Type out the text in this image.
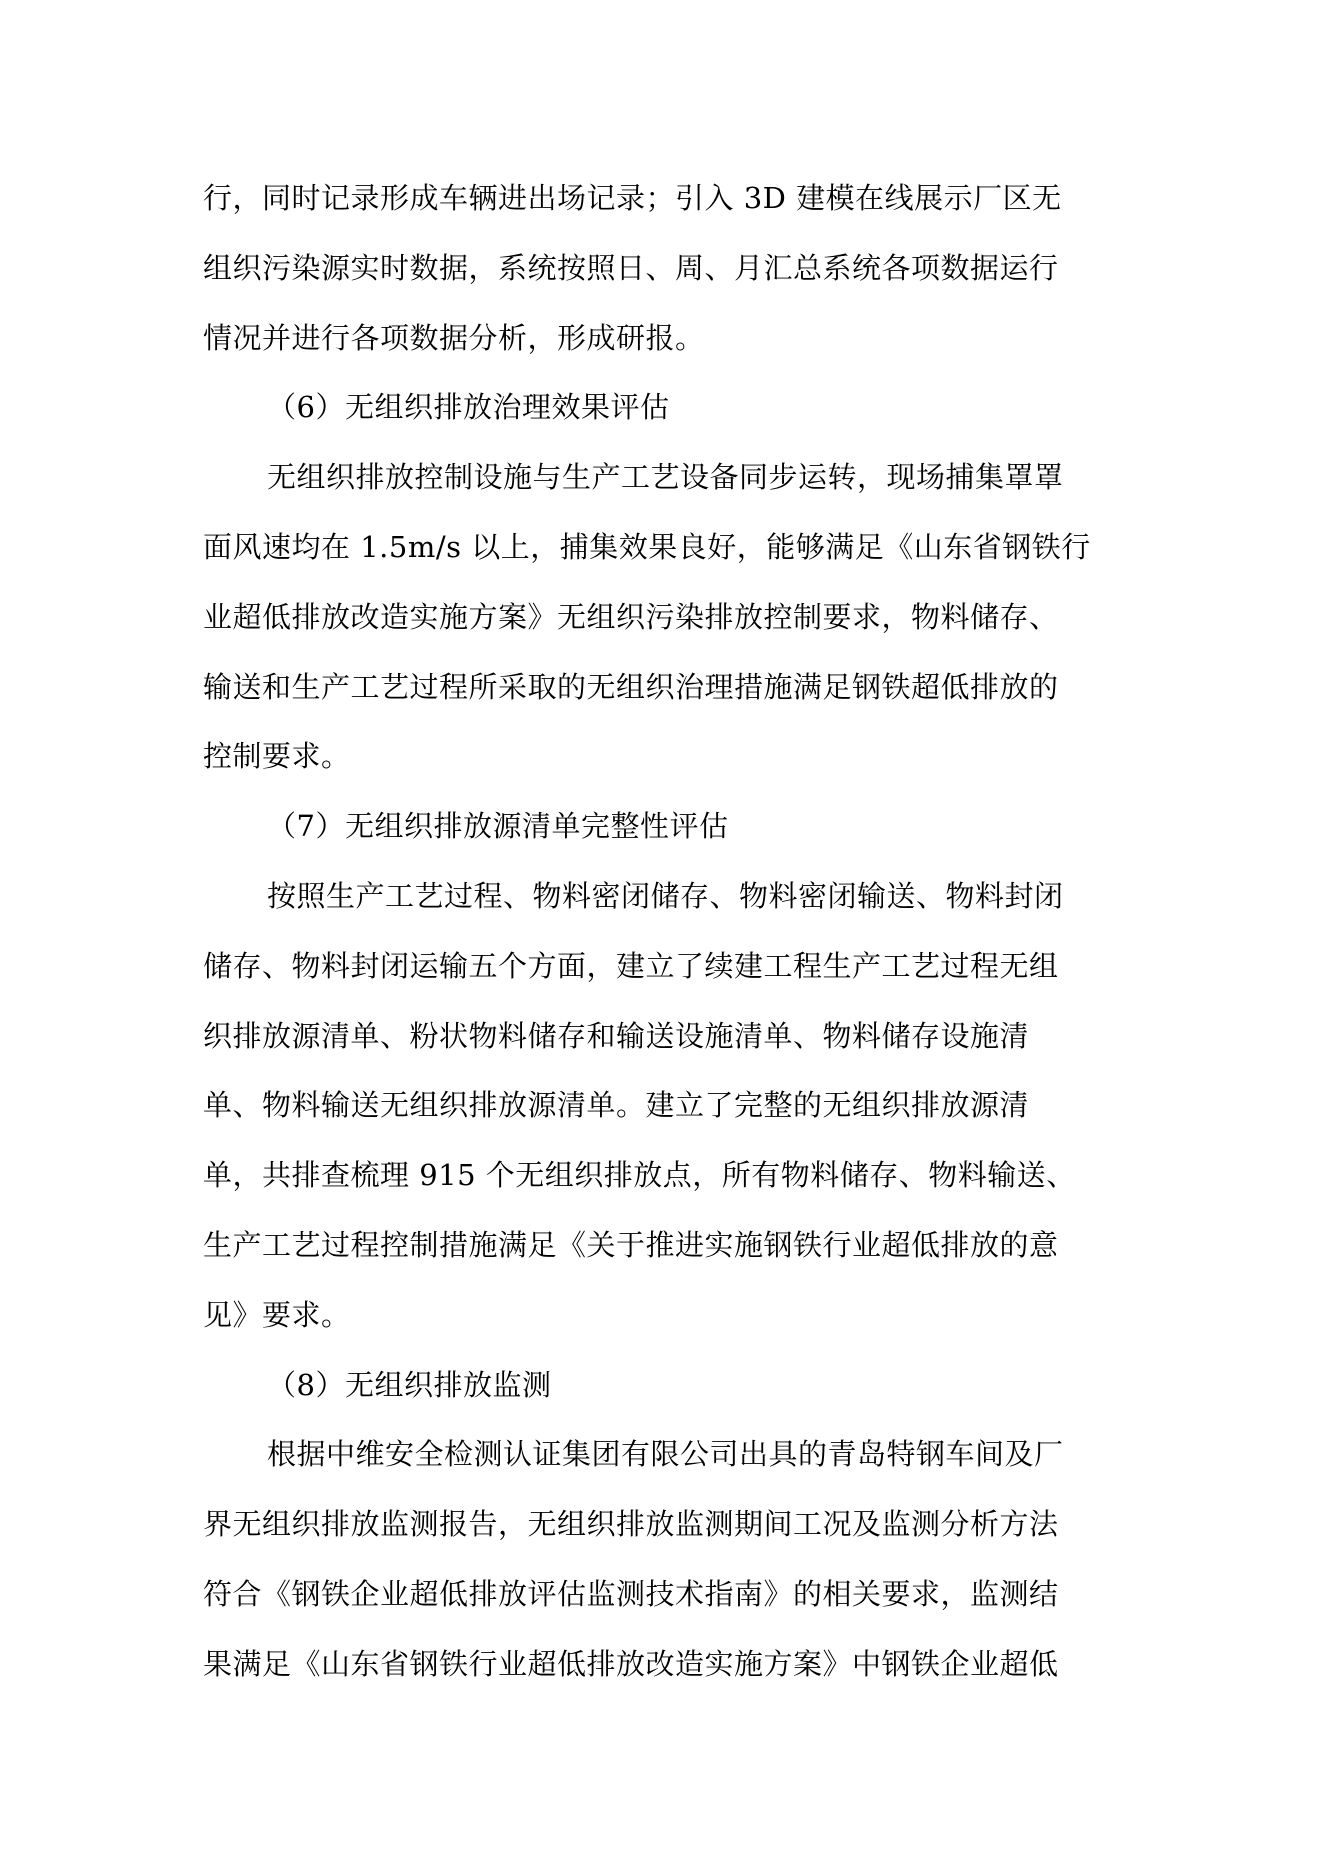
行，同时记录形成车辆进出场记录；引入 3D 建模在线展示厂区无
组织污染源实时数据，系统按照日、周、月汇总系统各项数据运行
情况并进行各项数据分析，形成研报。
（6）无组织排放治理效果评估
无组织排放控制设施与生产工艺设备同步运转，现场捕集罩罩
面风速均在 1.5m/s 以上，捕集效果良好，能够满足《山东省钢铁行
业超低排放改造实施方案》无组织污染排放控制要求，物料储存、
输送和生产工艺过程所采取的无组织治理措施满足钢铁超低排放的
控制要求。
（7）无组织排放源清单完整性评估
按照生产工艺过程、物料密闭储存、物料密闭输送、物料封闭
储存、物料封闭运输五个方面，建立了续建工程生产工艺过程无组
织排放源清单、粉状物料储存和输送设施清单、物料储存设施清
单、物料输送无组织排放源清单。建立了完整的无组织排放源清
单，共排查梳理 915 个无组织排放点，所有物料储存、物料输送、
生产工艺过程控制措施满足《关于推进实施钢铁行业超低排放的意
见》要求。
（8）无组织排放监测
根据中维安全检测认证集团有限公司出具的青岛特钢车间及厂
界无组织排放监测报告，无组织排放监测期间工况及监测分析方法
符合《钢铁企业超低排放评估监测技术指南》的相关要求，监测结
果满足《山东省钢铁行业超低排放改造实施方案》中钢铁企业超低
